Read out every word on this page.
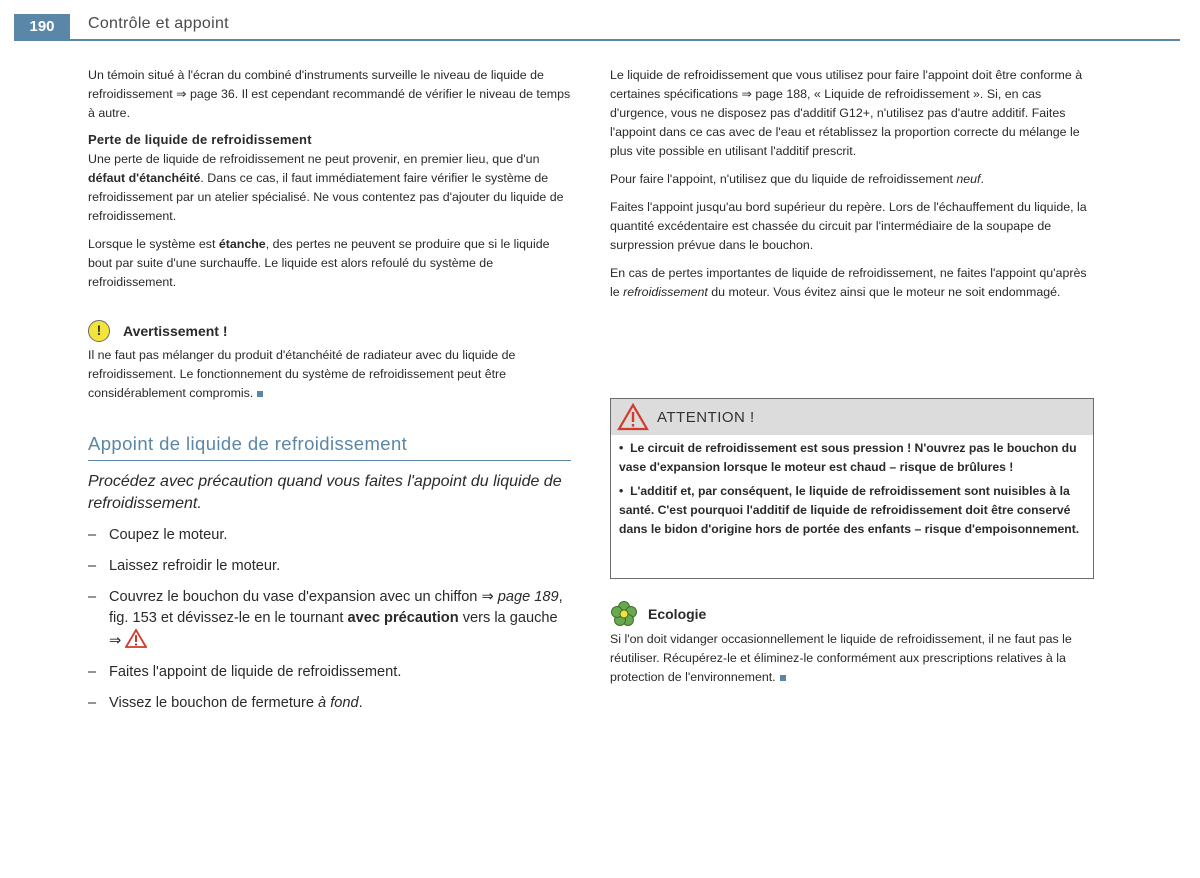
190	Contrôle et appoint

Un témoin situé à l'écran du combiné d'instruments surveille le niveau de liquide de refroidissement ⇒ page 36. Il est cependant recommandé de vérifier le niveau de temps à autre.

Perte de liquide de refroidissement

Une perte de liquide de refroidissement ne peut provenir, en premier lieu, que d'un défaut d'étanchéité. Dans ce cas, il faut immédiatement faire vérifier le système de refroidissement par un atelier spécialisé. Ne vous contentez pas d'ajouter du liquide de refroidissement.

Lorsque le système est étanche, des pertes ne peuvent se produire que si le liquide bout par suite d'une surchauffe. Le liquide est alors refoulé du système de refroidissement.

!	Avertissement !

Il ne faut pas mélanger du produit d'étanchéité de radiateur avec du liquide de refroidissement. Le fonctionnement du système de refroidissement peut être considérablement compromis.

Appoint de liquide de refroidissement

Procédez avec précaution quand vous faites l'appoint du liquide de refroidissement.

– Coupez le moteur.
– Laissez refroidir le moteur.
– Couvrez le bouchon du vase d'expansion avec un chiffon ⇒ page 189, fig. 153 et dévissez-le en le tournant avec précaution vers la gauche ⇒
– Faites l'appoint de liquide de refroidissement.
– Vissez le bouchon de fermeture à fond.

Le liquide de refroidissement que vous utilisez pour faire l'appoint doit être conforme à certaines spécifications ⇒ page 188, « Liquide de refroidissement ». Si, en cas d'urgence, vous ne disposez pas d'additif G12+, n'utilisez pas d'autre additif. Faites l'appoint dans ce cas avec de l'eau et rétablissez la proportion correcte du mélange le plus vite possible en utilisant l'additif prescrit.

Pour faire l'appoint, n'utilisez que du liquide de refroidissement neuf.

Faites l'appoint jusqu'au bord supérieur du repère. Lors de l'échauffement du liquide, la quantité excédentaire est chassée du circuit par l'intermédiaire de la soupape de surpression prévue dans le bouchon.

En cas de pertes importantes de liquide de refroidissement, ne faites l'appoint qu'après le refroidissement du moteur. Vous évitez ainsi que le moteur ne soit endommagé.

ATTENTION !

• Le circuit de refroidissement est sous pression ! N'ouvrez pas le bouchon du vase d'expansion lorsque le moteur est chaud – risque de brûlures !

• L'additif et, par conséquent, le liquide de refroidissement sont nuisibles à la santé. C'est pourquoi l'additif de liquide de refroidissement doit être conservé dans le bidon d'origine hors de portée des enfants – risque d'empoisonnement.

Ecologie

Si l'on doit vidanger occasionnellement le liquide de refroidissement, il ne faut pas le réutiliser. Récupérez-le et éliminez-le conformément aux prescriptions relatives à la protection de l'environnement.
